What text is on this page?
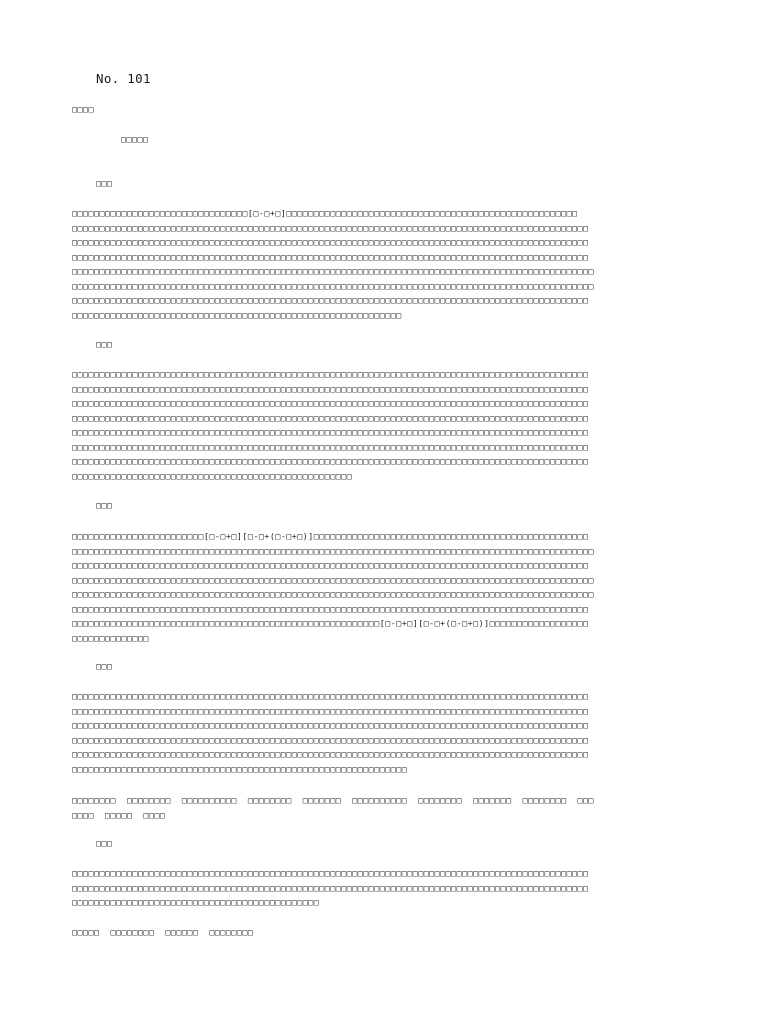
No. 101
□□□□
□□□□□
□□□
□□□□□□□□□□□□□□□□□□□□□□□□□□□□□□□□[□-□+□]□□□□□□□□□□□□□□□□□□□□□□□□□□□□□□□□□□□□□□□□□□□□□□□□□□□□□
□□□□□□□□□□□□□□□□□□□□□□□□□□□□□□□□□□□□□□□□□□□□□□□□□□□□□□□□□□□□□□□□□□□□□□□□□□□□□□□□□□□□□□□□□□□□□□
□□□□□□□□□□□□□□□□□□□□□□□□□□□□□□□□□□□□□□□□□□□□□□□□□□□□□□□□□□□□□□□□□□□□□□□□□□□□□□□□□□□□□□□□□□□□□□
□□□□□□□□□□□□□□□□□□□□□□□□□□□□□□□□□□□□□□□□□□□□□□□□□□□□□□□□□□□□□□□□□□□□□□□□□□□□□□□□□□□□□□□□□□□□□□
□□□□□□□□□□□□□□□□□□□□□□□□□□□□□□□□□□□□□□□□□□□□□□□□□□□□□□□□□□□□□□□□□□□□□□□□□□□□□□□□□□□□□□□□□□□□□□□
□□□□□□□□□□□□□□□□□□□□□□□□□□□□□□□□□□□□□□□□□□□□□□□□□□□□□□□□□□□□□□□□□□□□□□□□□□□□□□□□□□□□□□□□□□□□□□□
□□□□□□□□□□□□□□□□□□□□□□□□□□□□□□□□□□□□□□□□□□□□□□□□□□□□□□□□□□□□□□□□□□□□□□□□□□□□□□□□□□□□□□□□□□□□□□
□□□□□□□□□□□□□□□□□□□□□□□□□□□□□□□□□□□□□□□□□□□□□□□□□□□□□□□□□□□□
□□□
□□□□□□□□□□□□□□□□□□□□□□□□□□□□□□□□□□□□□□□□□□□□□□□□□□□□□□□□□□□□□□□□□□□□□□□□□□□□□□□□□□□□□□□□□□□□□□
□□□□□□□□□□□□□□□□□□□□□□□□□□□□□□□□□□□□□□□□□□□□□□□□□□□□□□□□□□□□□□□□□□□□□□□□□□□□□□□□□□□□□□□□□□□□□□
□□□□□□□□□□□□□□□□□□□□□□□□□□□□□□□□□□□□□□□□□□□□□□□□□□□□□□□□□□□□□□□□□□□□□□□□□□□□□□□□□□□□□□□□□□□□□□
□□□□□□□□□□□□□□□□□□□□□□□□□□□□□□□□□□□□□□□□□□□□□□□□□□□□□□□□□□□□□□□□□□□□□□□□□□□□□□□□□□□□□□□□□□□□□□
□□□□□□□□□□□□□□□□□□□□□□□□□□□□□□□□□□□□□□□□□□□□□□□□□□□□□□□□□□□□□□□□□□□□□□□□□□□□□□□□□□□□□□□□□□□□□□
□□□□□□□□□□□□□□□□□□□□□□□□□□□□□□□□□□□□□□□□□□□□□□□□□□□□□□□□□□□□□□□□□□□□□□□□□□□□□□□□□□□□□□□□□□□□□□
□□□□□□□□□□□□□□□□□□□□□□□□□□□□□□□□□□□□□□□□□□□□□□□□□□□□□□□□□□□□□□□□□□□□□□□□□□□□□□□□□□□□□□□□□□□□□□
□□□□□□□□□□□□□□□□□□□□□□□□□□□□□□□□□□□□□□□□□□□□□□□□□□□
□□□
□□□□□□□□□□□□□□□□□□□□□□□□[□-□+□][□-□+(□-□+□)]□□□□□□□□□□□□□□□□□□□□□□□□□□□□□□□□□□□□□□□□□□□□□□□□□□
□□□□□□□□□□□□□□□□□□□□□□□□□□□□□□□□□□□□□□□□□□□□□□□□□□□□□□□□□□□□□□□□□□□□□□□□□□□□□□□□□□□□□□□□□□□□□□□
□□□□□□□□□□□□□□□□□□□□□□□□□□□□□□□□□□□□□□□□□□□□□□□□□□□□□□□□□□□□□□□□□□□□□□□□□□□□□□□□□□□□□□□□□□□□□□
□□□□□□□□□□□□□□□□□□□□□□□□□□□□□□□□□□□□□□□□□□□□□□□□□□□□□□□□□□□□□□□□□□□□□□□□□□□□□□□□□□□□□□□□□□□□□□□
□□□□□□□□□□□□□□□□□□□□□□□□□□□□□□□□□□□□□□□□□□□□□□□□□□□□□□□□□□□□□□□□□□□□□□□□□□□□□□□□□□□□□□□□□□□□□□□
□□□□□□□□□□□□□□□□□□□□□□□□□□□□□□□□□□□□□□□□□□□□□□□□□□□□□□□□□□□□□□□□□□□□□□□□□□□□□□□□□□□□□□□□□□□□□□
□□□□□□□□□□□□□□□□□□□□□□□□□□□□□□□□□□□□□□□□□□□□□□□□□□□□□□□□[□-□+□][□-□+(□-□+□)]□□□□□□□□□□□□□□□□□□
□□□□□□□□□□□□□□
□□□
□□□□□□□□□□□□□□□□□□□□□□□□□□□□□□□□□□□□□□□□□□□□□□□□□□□□□□□□□□□□□□□□□□□□□□□□□□□□□□□□□□□□□□□□□□□□□□
□□□□□□□□□□□□□□□□□□□□□□□□□□□□□□□□□□□□□□□□□□□□□□□□□□□□□□□□□□□□□□□□□□□□□□□□□□□□□□□□□□□□□□□□□□□□□□
□□□□□□□□□□□□□□□□□□□□□□□□□□□□□□□□□□□□□□□□□□□□□□□□□□□□□□□□□□□□□□□□□□□□□□□□□□□□□□□□□□□□□□□□□□□□□□
□□□□□□□□□□□□□□□□□□□□□□□□□□□□□□□□□□□□□□□□□□□□□□□□□□□□□□□□□□□□□□□□□□□□□□□□□□□□□□□□□□□□□□□□□□□□□□
□□□□□□□□□□□□□□□□□□□□□□□□□□□□□□□□□□□□□□□□□□□□□□□□□□□□□□□□□□□□□□□□□□□□□□□□□□□□□□□□□□□□□□□□□□□□□□
□□□□□□□□□□□□□□□□□□□□□□□□□□□□□□□□□□□□□□□□□□□□□□□□□□□□□□□□□□□□□
□□□□□□□□  □□□□□□□□  □□□□□□□□□□  □□□□□□□□  □□□□□□□  □□□□□□□□□□  □□□□□□□□  □□□□□□□  □□□□□□□□  □□□
□□□□  □□□□□  □□□□
□□□
□□□□□□□□□□□□□□□□□□□□□□□□□□□□□□□□□□□□□□□□□□□□□□□□□□□□□□□□□□□□□□□□□□□□□□□□□□□□□□□□□□□□□□□□□□□□□□
□□□□□□□□□□□□□□□□□□□□□□□□□□□□□□□□□□□□□□□□□□□□□□□□□□□□□□□□□□□□□□□□□□□□□□□□□□□□□□□□□□□□□□□□□□□□□□
□□□□□□□□□□□□□□□□□□□□□□□□□□□□□□□□□□□□□□□□□□□□□
□□□□□  □□□□□□□□  □□□□□□  □□□□□□□□
